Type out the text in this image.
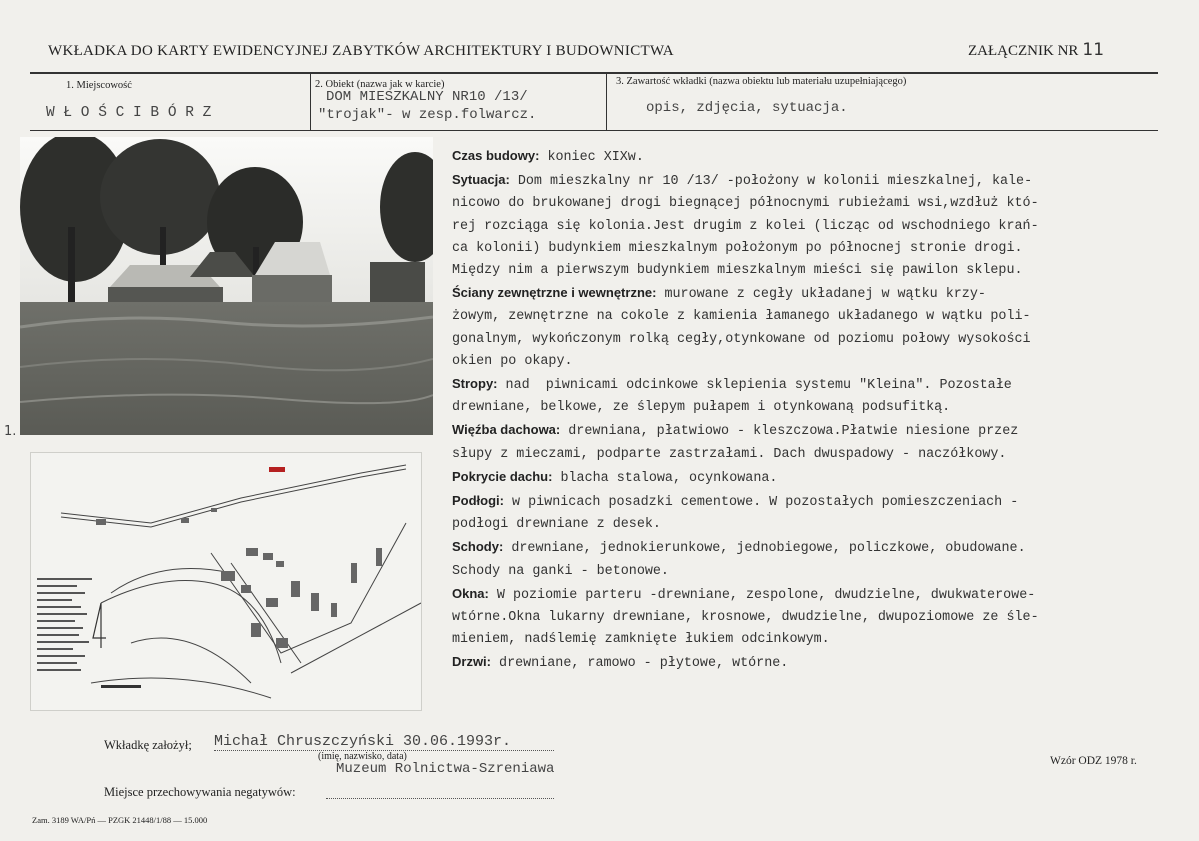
WKŁADKA DO KARTY EWIDENCYJNEJ ZABYTKÓW ARCHITEKTURY I BUDOWNICTWA	ZAŁĄCZNIK NR 11
1. Miejscowość
W Ł O Ś C I B Ó R Z
2. Obiekt (nazwa jak w karcie)
DOM MIESZKALNY NR10 /13/
"trojak"- w zesp.folwarcz.
3. Zawartość wkładki (nazwa obiektu lub materiału uzupełniającego)
opis, zdjęcia, sytuacja.
1.
Czas budowy: koniec XIXw.
Sytuacja: Dom mieszkalny nr 10 /13/ -położony w kolonii mieszkalnej, kale-
nicowo do brukowanej drogi biegnącej północnymi rubieżami wsi,wzdłuż któ-
rej rozciąga się kolonia.Jest drugim z kolei (licząc od wschodniego krań-
ca kolonii) budynkiem mieszkalnym położonym po północnej stronie drogi.
Między nim a pierwszym budynkiem mieszkalnym mieści się pawilon sklepu.
Ściany zewnętrzne i wewnętrzne: murowane z cegły układanej w wątku krzy-
żowym, zewnętrzne na cokole z kamienia łamanego układanego w wątku poli-
gonalnym, wykończonym rolką cegły,otynkowane od poziomu połowy wysokości
okien po okapy.
Stropy: nad  piwnicami odcinkowe sklepienia systemu "Kleina". Pozostałe
drewniane, belkowe, ze ślepym pułapem i otynkowaną podsufitką.
Więźba dachowa: drewniana, płatwiowo - kleszczowa.Płatwie niesione przez
słupy z mieczami, podparte zastrzałami. Dach dwuspadowy - naczółkowy.
Pokrycie dachu: blacha stalowa, ocynkowana.
Podłogi: w piwnicach posadzki cementowe. W pozostałych pomieszczeniach -
podłogi drewniane z desek.
Schody: drewniane, jednokierunkowe, jednobiegowe, policzkowe, obudowane.
Schody na ganki - betonowe.
Okna: W poziomie parteru -drewniane, zespolone, dwudzielne, dwukwaterowe-
wtórne.Okna lukarny drewniane, krosnowe, dwudzielne, dwupoziomowe ze śle-
mieniem, nadślemię zamknięte łukiem odcinkowym.
Drzwi: drewniane, ramowo - płytowe, wtórne.
Wkładkę założył; Michał Chruszczyński 30.06.1993r.
(imię, nazwisko, data)
Muzeum Rolnictwa-Szreniawa	Wzór ODZ 1978 r.
Miejsce przechowywania negatywów:
Zam. 3189 WA/Pń — PZGK 21448/1/88 — 15.000
